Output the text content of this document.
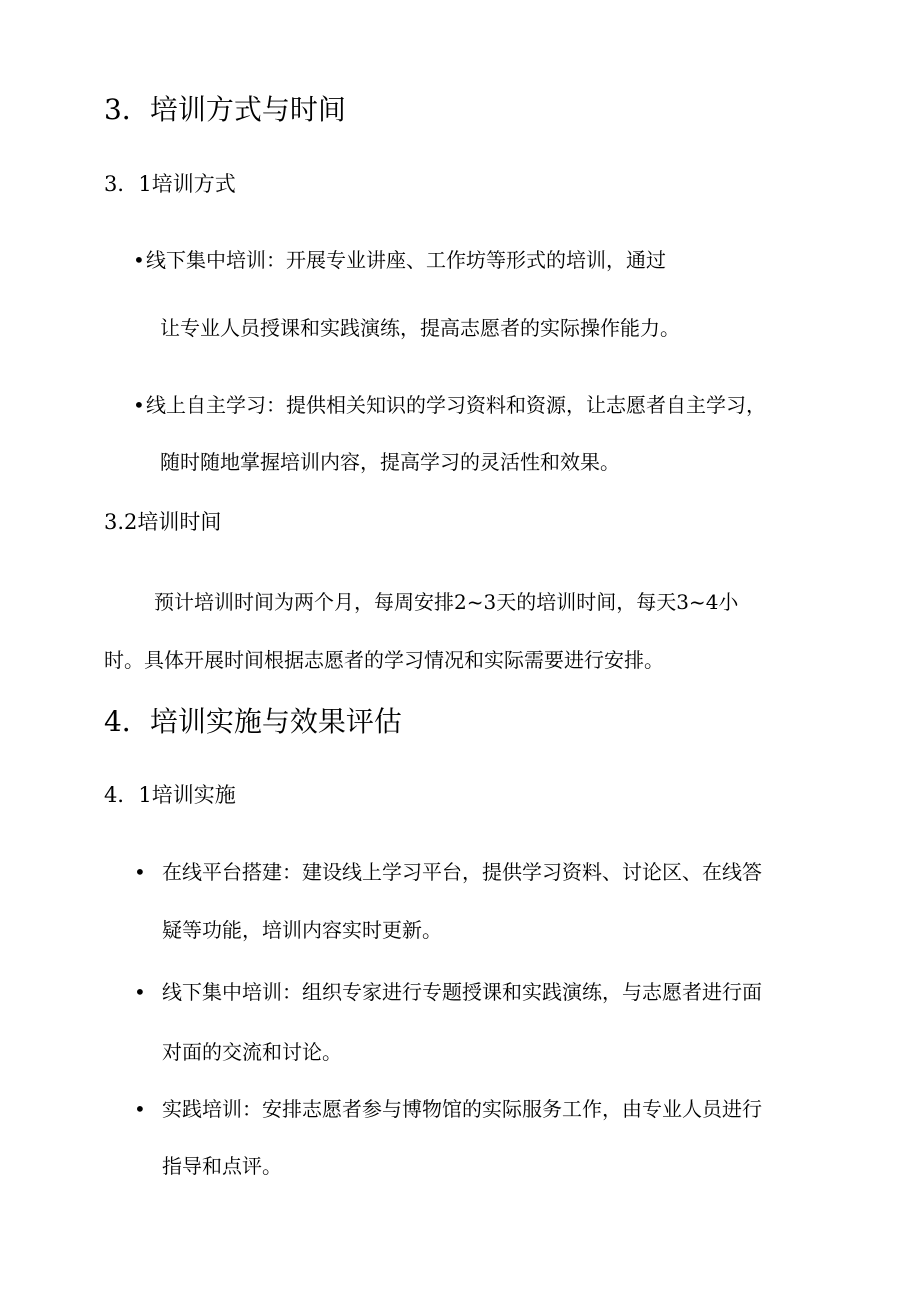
3．培训方式与时间
3．1培训方式
• 线下集中培训：开展专业讲座、工作坊等形式的培训，通过
让专业人员授课和实践演练，提高志愿者的实际操作能力。
• 线上自主学习：提供相关知识的学习资料和资源，让志愿者自主学习，
随时随地掌握培训内容，提高学习的灵活性和效果。
3.2培训时间
预计培训时间为两个月，每周安排2~3天的培训时间，每天3~4小
时。具体开展时间根据志愿者的学习情况和实际需要进行安排。
4．培训实施与效果评估
4．1培训实施
• 在线平台搭建：建设线上学习平台，提供学习资料、讨论区、在线答
疑等功能，培训内容实时更新。
• 线下集中培训：组织专家进行专题授课和实践演练，与志愿者进行面
对面的交流和讨论。
• 实践培训：安排志愿者参与博物馆的实际服务工作，由专业人员进行
指导和点评。
